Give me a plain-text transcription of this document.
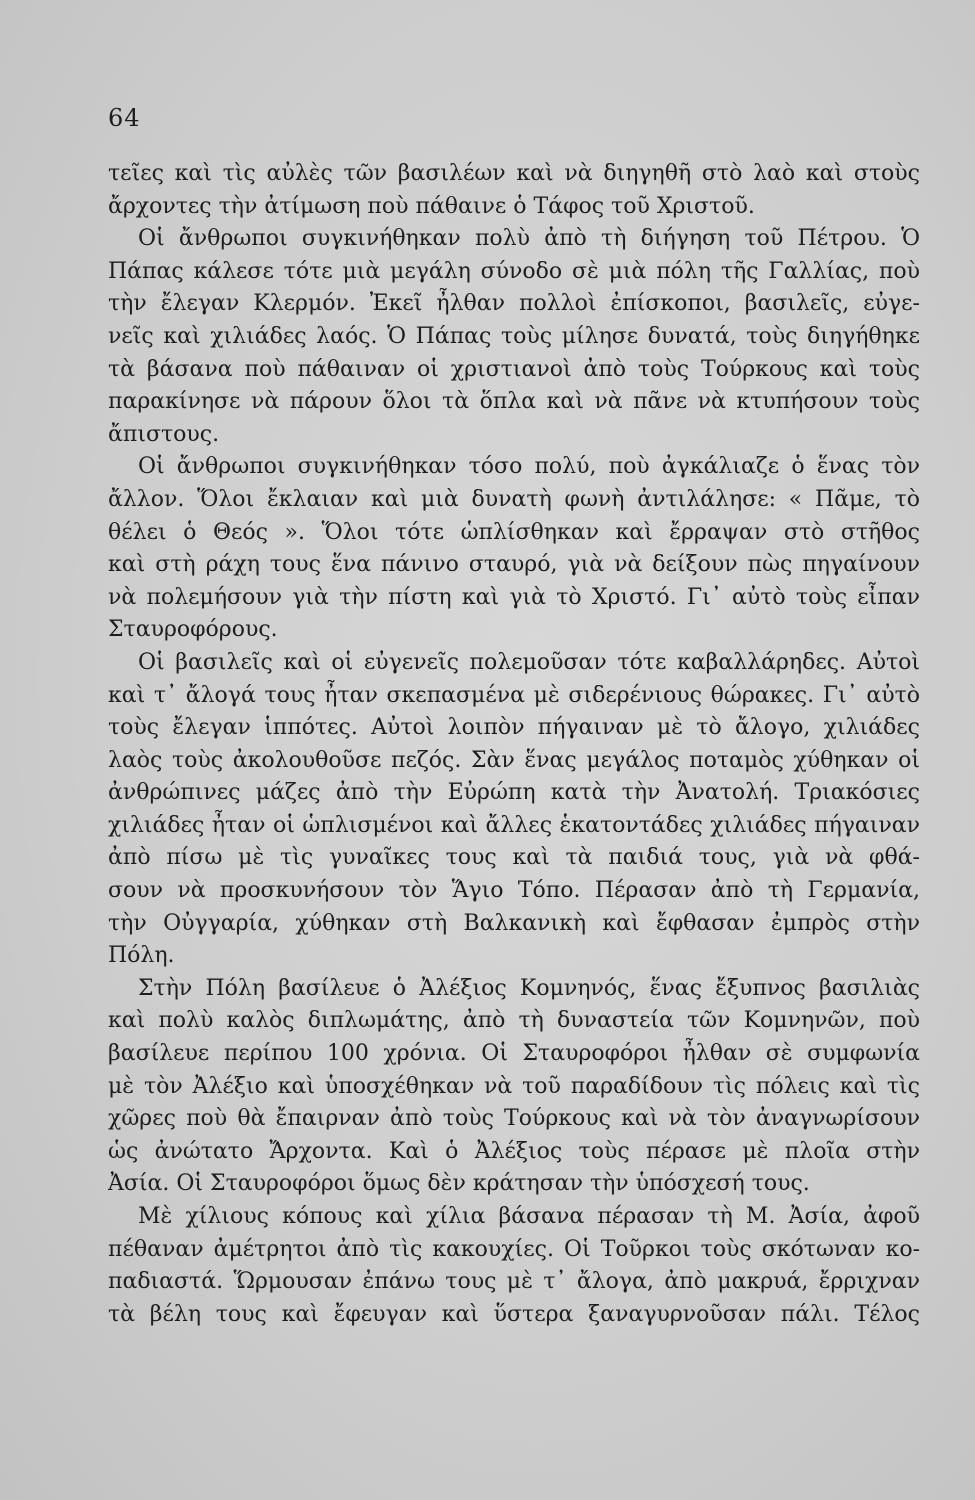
64
τεῖες καὶ τὶς αὐλὲς τῶν βασιλέων καὶ νὰ διηγηθῆ στὸ λαὸ καὶ στοὺς
ἄρχοντες τὴν ἀτίμωση ποὺ πάθαινε ὁ Τάφος τοῦ Χριστοῦ.
Οἱ ἄνθρωποι συγκινήθηκαν πολὺ ἀπὸ τὴ διήγηση τοῦ Πέτρου. Ὁ
Πάπας κάλεσε τότε μιὰ μεγάλη σύνοδο σὲ μιὰ πόλη τῆς Γαλλίας, ποὺ
τὴν ἔλεγαν Κλερμόν. Ἐκεῖ ἦλθαν πολλοὶ ἐπίσκοποι, βασιλεῖς, εὐγε-
νεῖς καὶ χιλιάδες λαός. Ὁ Πάπας τοὺς μίλησε δυνατά, τοὺς διηγήθηκε
τὰ βάσανα ποὺ πάθαιναν οἱ χριστιανοὶ ἀπὸ τοὺς Τούρκους καὶ τοὺς
παρακίνησε νὰ πάρουν ὅλοι τὰ ὅπλα καὶ νὰ πᾶνε νὰ κτυπήσουν τοὺς
ἄπιστους.
Οἱ ἄνθρωποι συγκινήθηκαν τόσο πολύ, ποὺ ἀγκάλιαζε ὁ ἕνας τὸν
ἄλλον. Ὅλοι ἔκλαιαν καὶ μιὰ δυνατὴ φωνὴ ἀντιλάλησε: « Πᾶμε, τὸ
θέλει ὁ Θεός ». Ὅλοι τότε ὡπλίσθηκαν καὶ ἔρραψαν στὸ στῆθος
καὶ στὴ ράχη τους ἕνα πάνινο σταυρό, γιὰ νὰ δείξουν πὼς πηγαίνουν
νὰ πολεμήσουν γιὰ τὴν πίστη καὶ γιὰ τὸ Χριστό. Γι᾿ αὐτὸ τοὺς εἶπαν
Σταυροφόρους.
Οἱ βασιλεῖς καὶ οἱ εὐγενεῖς πολεμοῦσαν τότε καβαλλάρηδες. Αὐτοὶ
καὶ τ᾿ ἄλογά τους ἦταν σκεπασμένα μὲ σιδερένιους θώρακες. Γι᾿ αὐτὸ
τοὺς ἔλεγαν ἱππότες. Αὐτοὶ λοιπὸν πήγαιναν μὲ τὸ ἄλογο, χιλιάδες
λαὸς τοὺς ἀκολουθοῦσε πεζός. Σὰν ἕνας μεγάλος ποταμὸς χύθηκαν οἱ
ἀνθρώπινες μάζες ἀπὸ τὴν Εὐρώπη κατὰ τὴν Ἀνατολή. Τριακόσιες
χιλιάδες ἦταν οἱ ὡπλισμένοι καὶ ἄλλες ἑκατοντάδες χιλιάδες πήγαιναν
ἀπὸ πίσω μὲ τὶς γυναῖκες τους καὶ τὰ παιδιά τους, γιὰ νὰ φθά-
σουν νὰ προσκυνήσουν τὸν Ἅγιο Τόπο. Πέρασαν ἀπὸ τὴ Γερμανία,
τὴν Οὐγγαρία, χύθηκαν στὴ Βαλκανικὴ καὶ ἔφθασαν ἐμπρὸς στὴν
Πόλη.
Στὴν Πόλη βασίλευε ὁ Ἀλέξιος Κομνηνός, ἕνας ἔξυπνος βασιλιὰς
καὶ πολὺ καλὸς διπλωμάτης, ἀπὸ τὴ δυναστεία τῶν Κομνηνῶν, ποὺ
βασίλευε περίπου 100 χρόνια. Οἱ Σταυροφόροι ἦλθαν σὲ συμφωνία
μὲ τὸν Ἀλέξιο καὶ ὑποσχέθηκαν νὰ τοῦ παραδίδουν τὶς πόλεις καὶ τὶς
χῶρες ποὺ θὰ ἔπαιρναν ἀπὸ τοὺς Τούρκους καὶ νὰ τὸν ἀναγνωρίσουν
ὡς ἀνώτατο Ἄρχοντα. Καὶ ὁ Ἀλέξιος τοὺς πέρασε μὲ πλοῖα στὴν
Ἀσία. Οἱ Σταυροφόροι ὅμως δὲν κράτησαν τὴν ὑπόσχεσή τους.
Μὲ χίλιους κόπους καὶ χίλια βάσανα πέρασαν τὴ Μ. Ἀσία, ἀφοῦ
πέθαναν ἀμέτρητοι ἀπὸ τὶς κακουχίες. Οἱ Τοῦρκοι τοὺς σκότωναν κο-
παδιαστά. Ὥρμουσαν ἐπάνω τους μὲ τ᾿ ἄλογα, ἀπὸ μακρυά, ἔρριχναν
τὰ βέλη τους καὶ ἔφευγαν καὶ ὕστερα ξαναγυρνοῦσαν πάλι. Τέλος
